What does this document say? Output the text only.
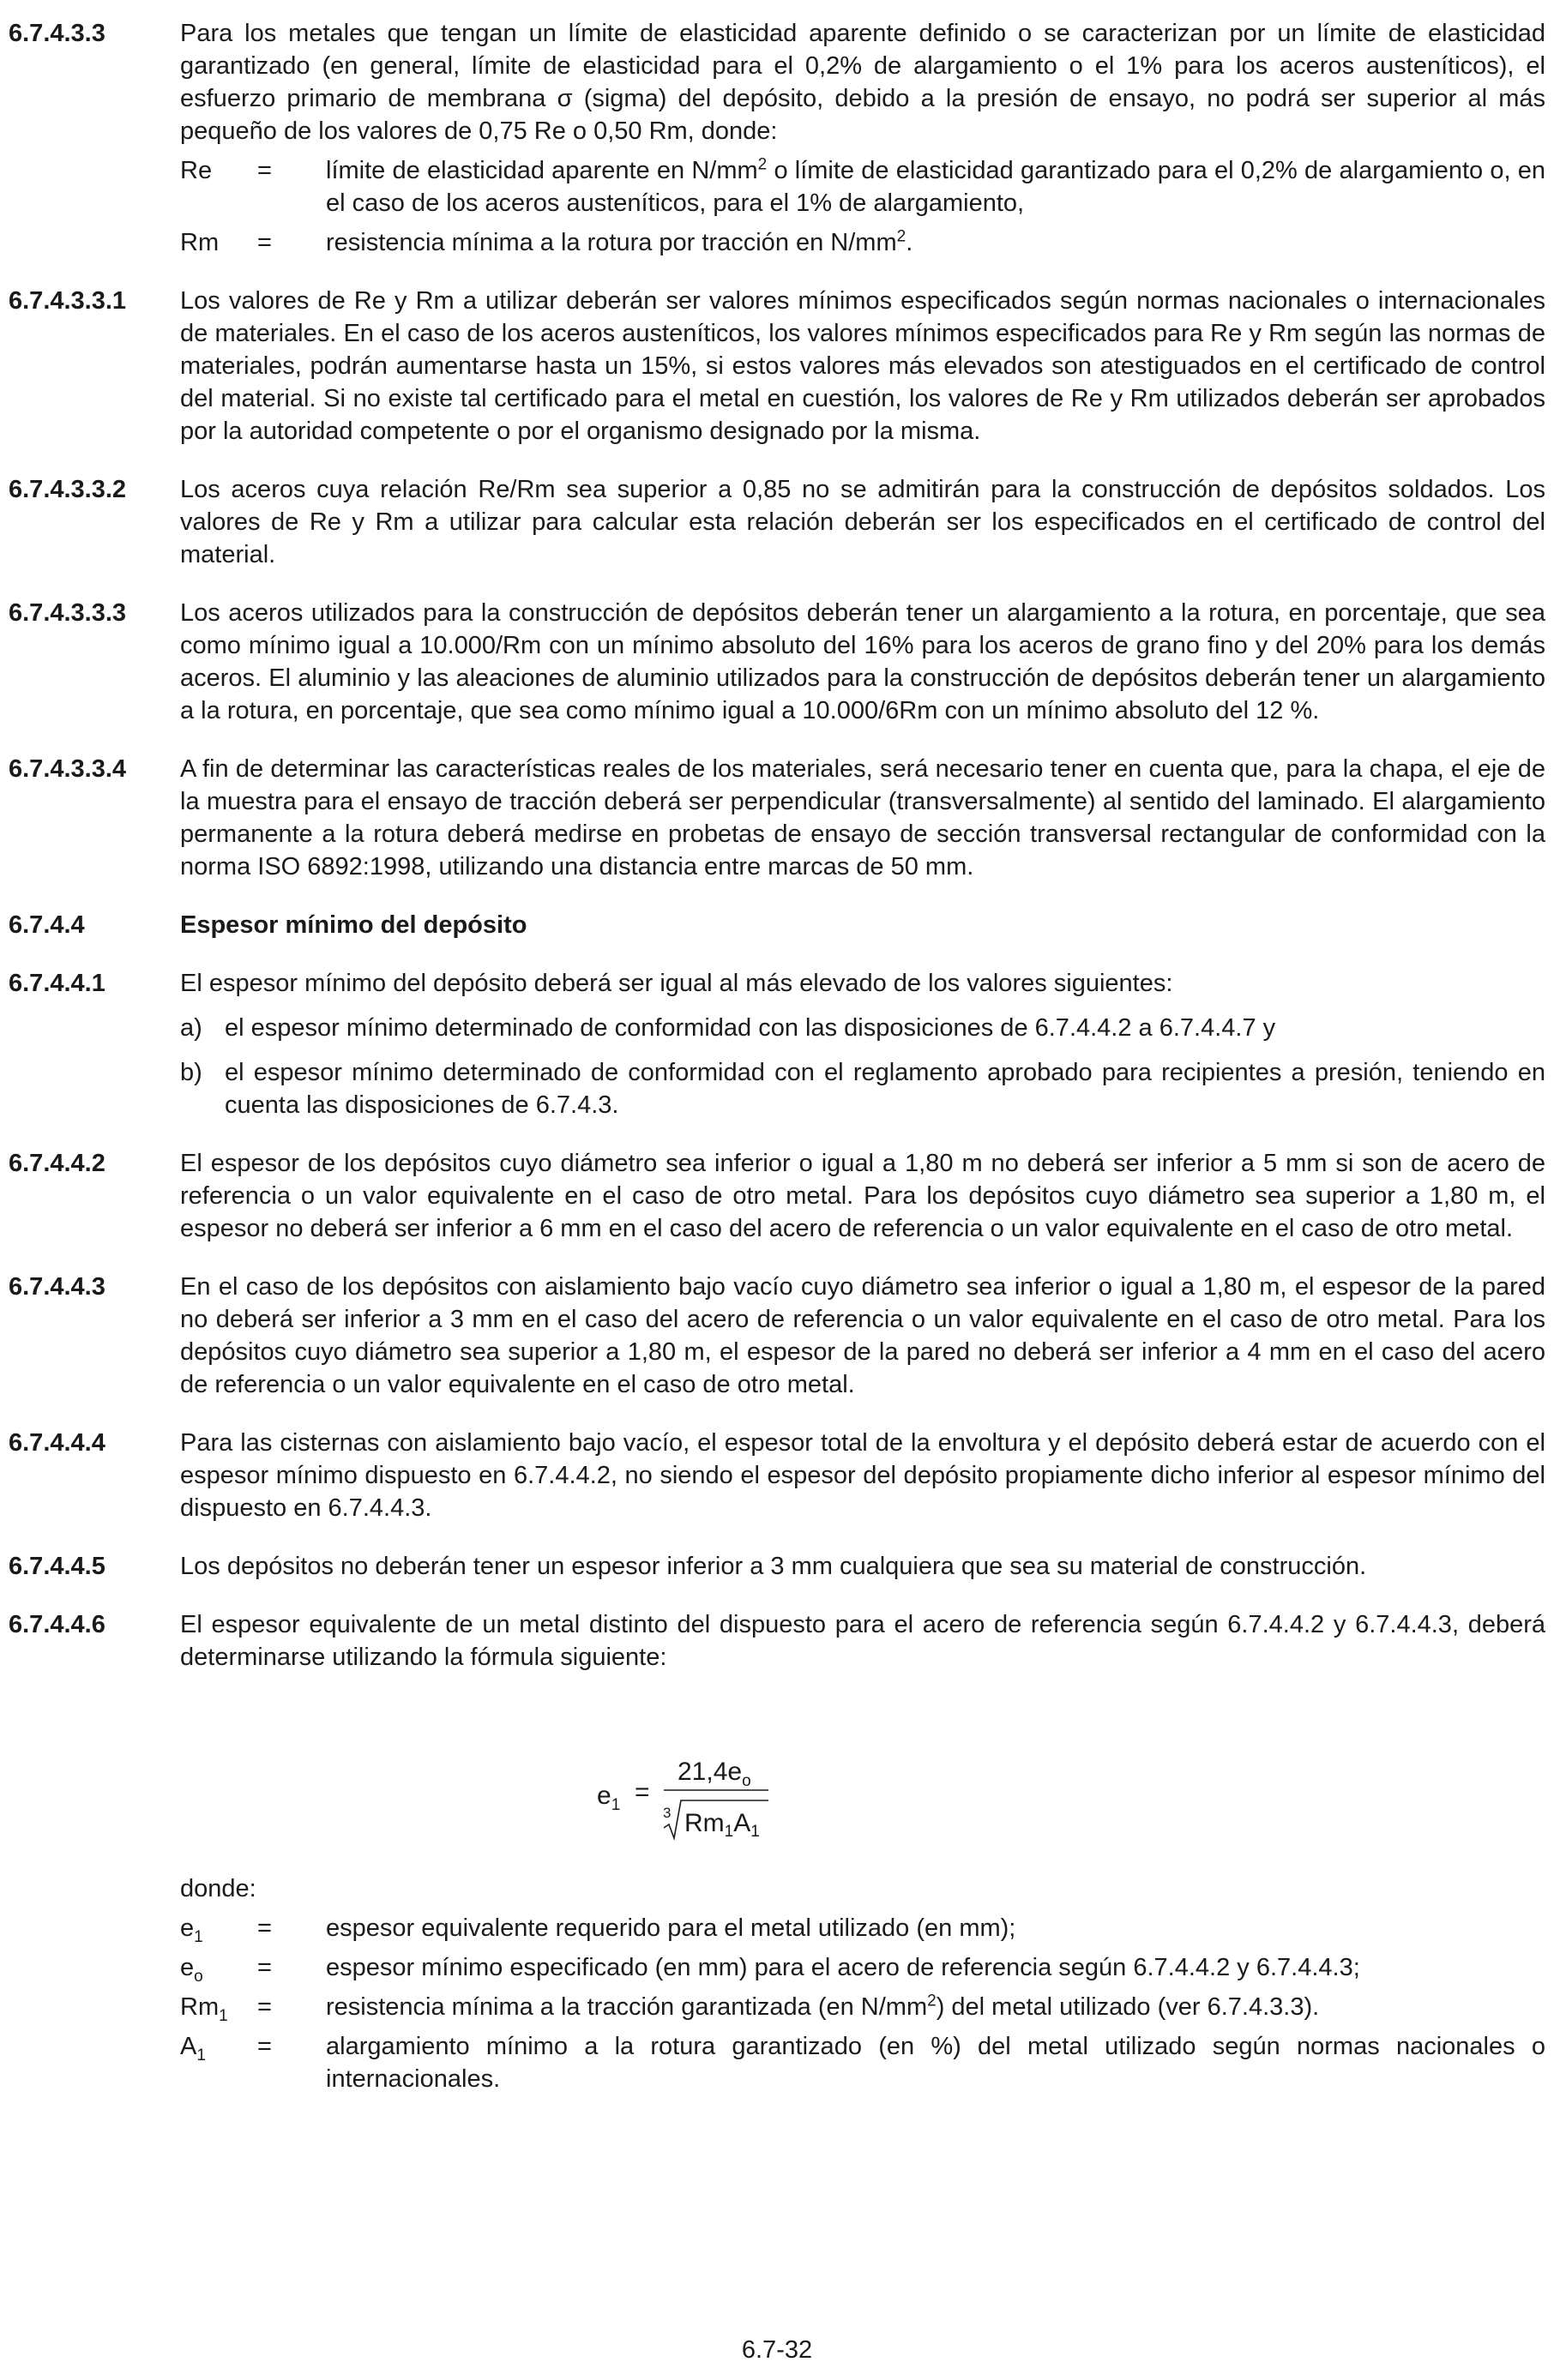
6.7.4.3.3	Para los metales que tengan un límite de elasticidad aparente definido o se caracterizan por un límite de elasticidad garantizado (en general, límite de elasticidad para el 0,2% de alargamiento o el 1% para los aceros austeníticos), el esfuerzo primario de membrana σ (sigma) del depósito, debido a la presión de ensayo, no podrá ser superior al más pequeño de los valores de 0,75 Re o 0,50 Rm, donde:
Re	=	límite de elasticidad aparente en $N/mm^2$ o límite de elasticidad garantizado para el 0,2% de alargamiento o, en el caso de los aceros austeníticos, para el 1% de alargamiento,
Rm	=	resistencia mínima a la rotura por tracción en $N/mm^2$.
6.7.4.3.3.1	Los valores de Re y Rm a utilizar deberán ser valores mínimos especificados según normas nacionales o internacionales de materiales. En el caso de los aceros austeníticos, los valores mínimos especificados para Re y Rm según las normas de materiales, podrán aumentarse hasta un 15%, si estos valores más elevados son atestiguados en el certificado de control del material. Si no existe tal certificado para el metal en cuestión, los valores de Re y Rm utilizados deberán ser aprobados por la autoridad competente o por el organismo designado por la misma.
6.7.4.3.3.2	Los aceros cuya relación Re/Rm sea superior a 0,85 no se admitirán para la construcción de depósitos soldados. Los valores de Re y Rm a utilizar para calcular esta relación deberán ser los especificados en el certificado de control del material.
6.7.4.3.3.3	Los aceros utilizados para la construcción de depósitos deberán tener un alargamiento a la rotura, en porcentaje, que sea como mínimo igual a 10.000/Rm con un mínimo absoluto del 16% para los aceros de grano fino y del 20% para los demás aceros. El aluminio y las aleaciones de aluminio utilizados para la construcción de depósitos deberán tener un alargamiento a la rotura, en porcentaje, que sea como mínimo igual a 10.000/6Rm con un mínimo absoluto del 12 %.
6.7.4.3.3.4	A fin de determinar las características reales de los materiales, será necesario tener en cuenta que, para la chapa, el eje de la muestra para el ensayo de tracción deberá ser perpendicular (transversalmente) al sentido del laminado. El alargamiento permanente a la rotura deberá medirse en probetas de ensayo de sección transversal rectangular de conformidad con la norma ISO 6892:1998, utilizando una distancia entre marcas de 50 mm.
6.7.4.4	Espesor mínimo del depósito
6.7.4.4.1	El espesor mínimo del depósito deberá ser igual al más elevado de los valores siguientes:
a) el espesor mínimo determinado de conformidad con las disposiciones de 6.7.4.4.2 a 6.7.4.4.7 y
b) el espesor mínimo determinado de conformidad con el reglamento aprobado para recipientes a presión, teniendo en cuenta las disposiciones de 6.7.4.3.
6.7.4.4.2	El espesor de los depósitos cuyo diámetro sea inferior o igual a 1,80 m no deberá ser inferior a 5 mm si son de acero de referencia o un valor equivalente en el caso de otro metal. Para los depósitos cuyo diámetro sea superior a 1,80 m, el espesor no deberá ser inferior a 6 mm en el caso del acero de referencia o un valor equivalente en el caso de otro metal.
6.7.4.4.3	En el caso de los depósitos con aislamiento bajo vacío cuyo diámetro sea inferior o igual a 1,80 m, el espesor de la pared no deberá ser inferior a 3 mm en el caso del acero de referencia o un valor equivalente en el caso de otro metal. Para los depósitos cuyo diámetro sea superior a 1,80 m, el espesor de la pared no deberá ser inferior a 4 mm en el caso del acero de referencia o un valor equivalente en el caso de otro metal.
6.7.4.4.4	Para las cisternas con aislamiento bajo vacío, el espesor total de la envoltura y el depósito deberá estar de acuerdo con el espesor mínimo dispuesto en 6.7.4.4.2, no siendo el espesor del depósito propiamente dicho inferior al espesor mínimo del dispuesto en 6.7.4.4.3.
6.7.4.4.5	Los depósitos no deberán tener un espesor inferior a 3 mm cualquiera que sea su material de construcción.
6.7.4.4.6	El espesor equivalente de un metal distinto del dispuesto para el acero de referencia según 6.7.4.4.2 y 6.7.4.4.3, deberá determinarse utilizando la fórmula siguiente:
$e_1$ =
$21,4e_o$
3 $Rm_1A_1$
donde:
$e_1$	=	espesor equivalente requerido para el metal utilizado (en mm);
$e_o$	=	espesor mínimo especificado (en mm) para el acero de referencia según 6.7.4.4.2 y 6.7.4.4.3;
$Rm_1$	=	resistencia mínima a la tracción garantizada (en $N/mm^2$) del metal utilizado (ver 6.7.4.3.3).
$A_1$	=	alargamiento mínimo a la rotura garantizado (en %) del metal utilizado según normas nacionales o internacionales.
6.7-32
